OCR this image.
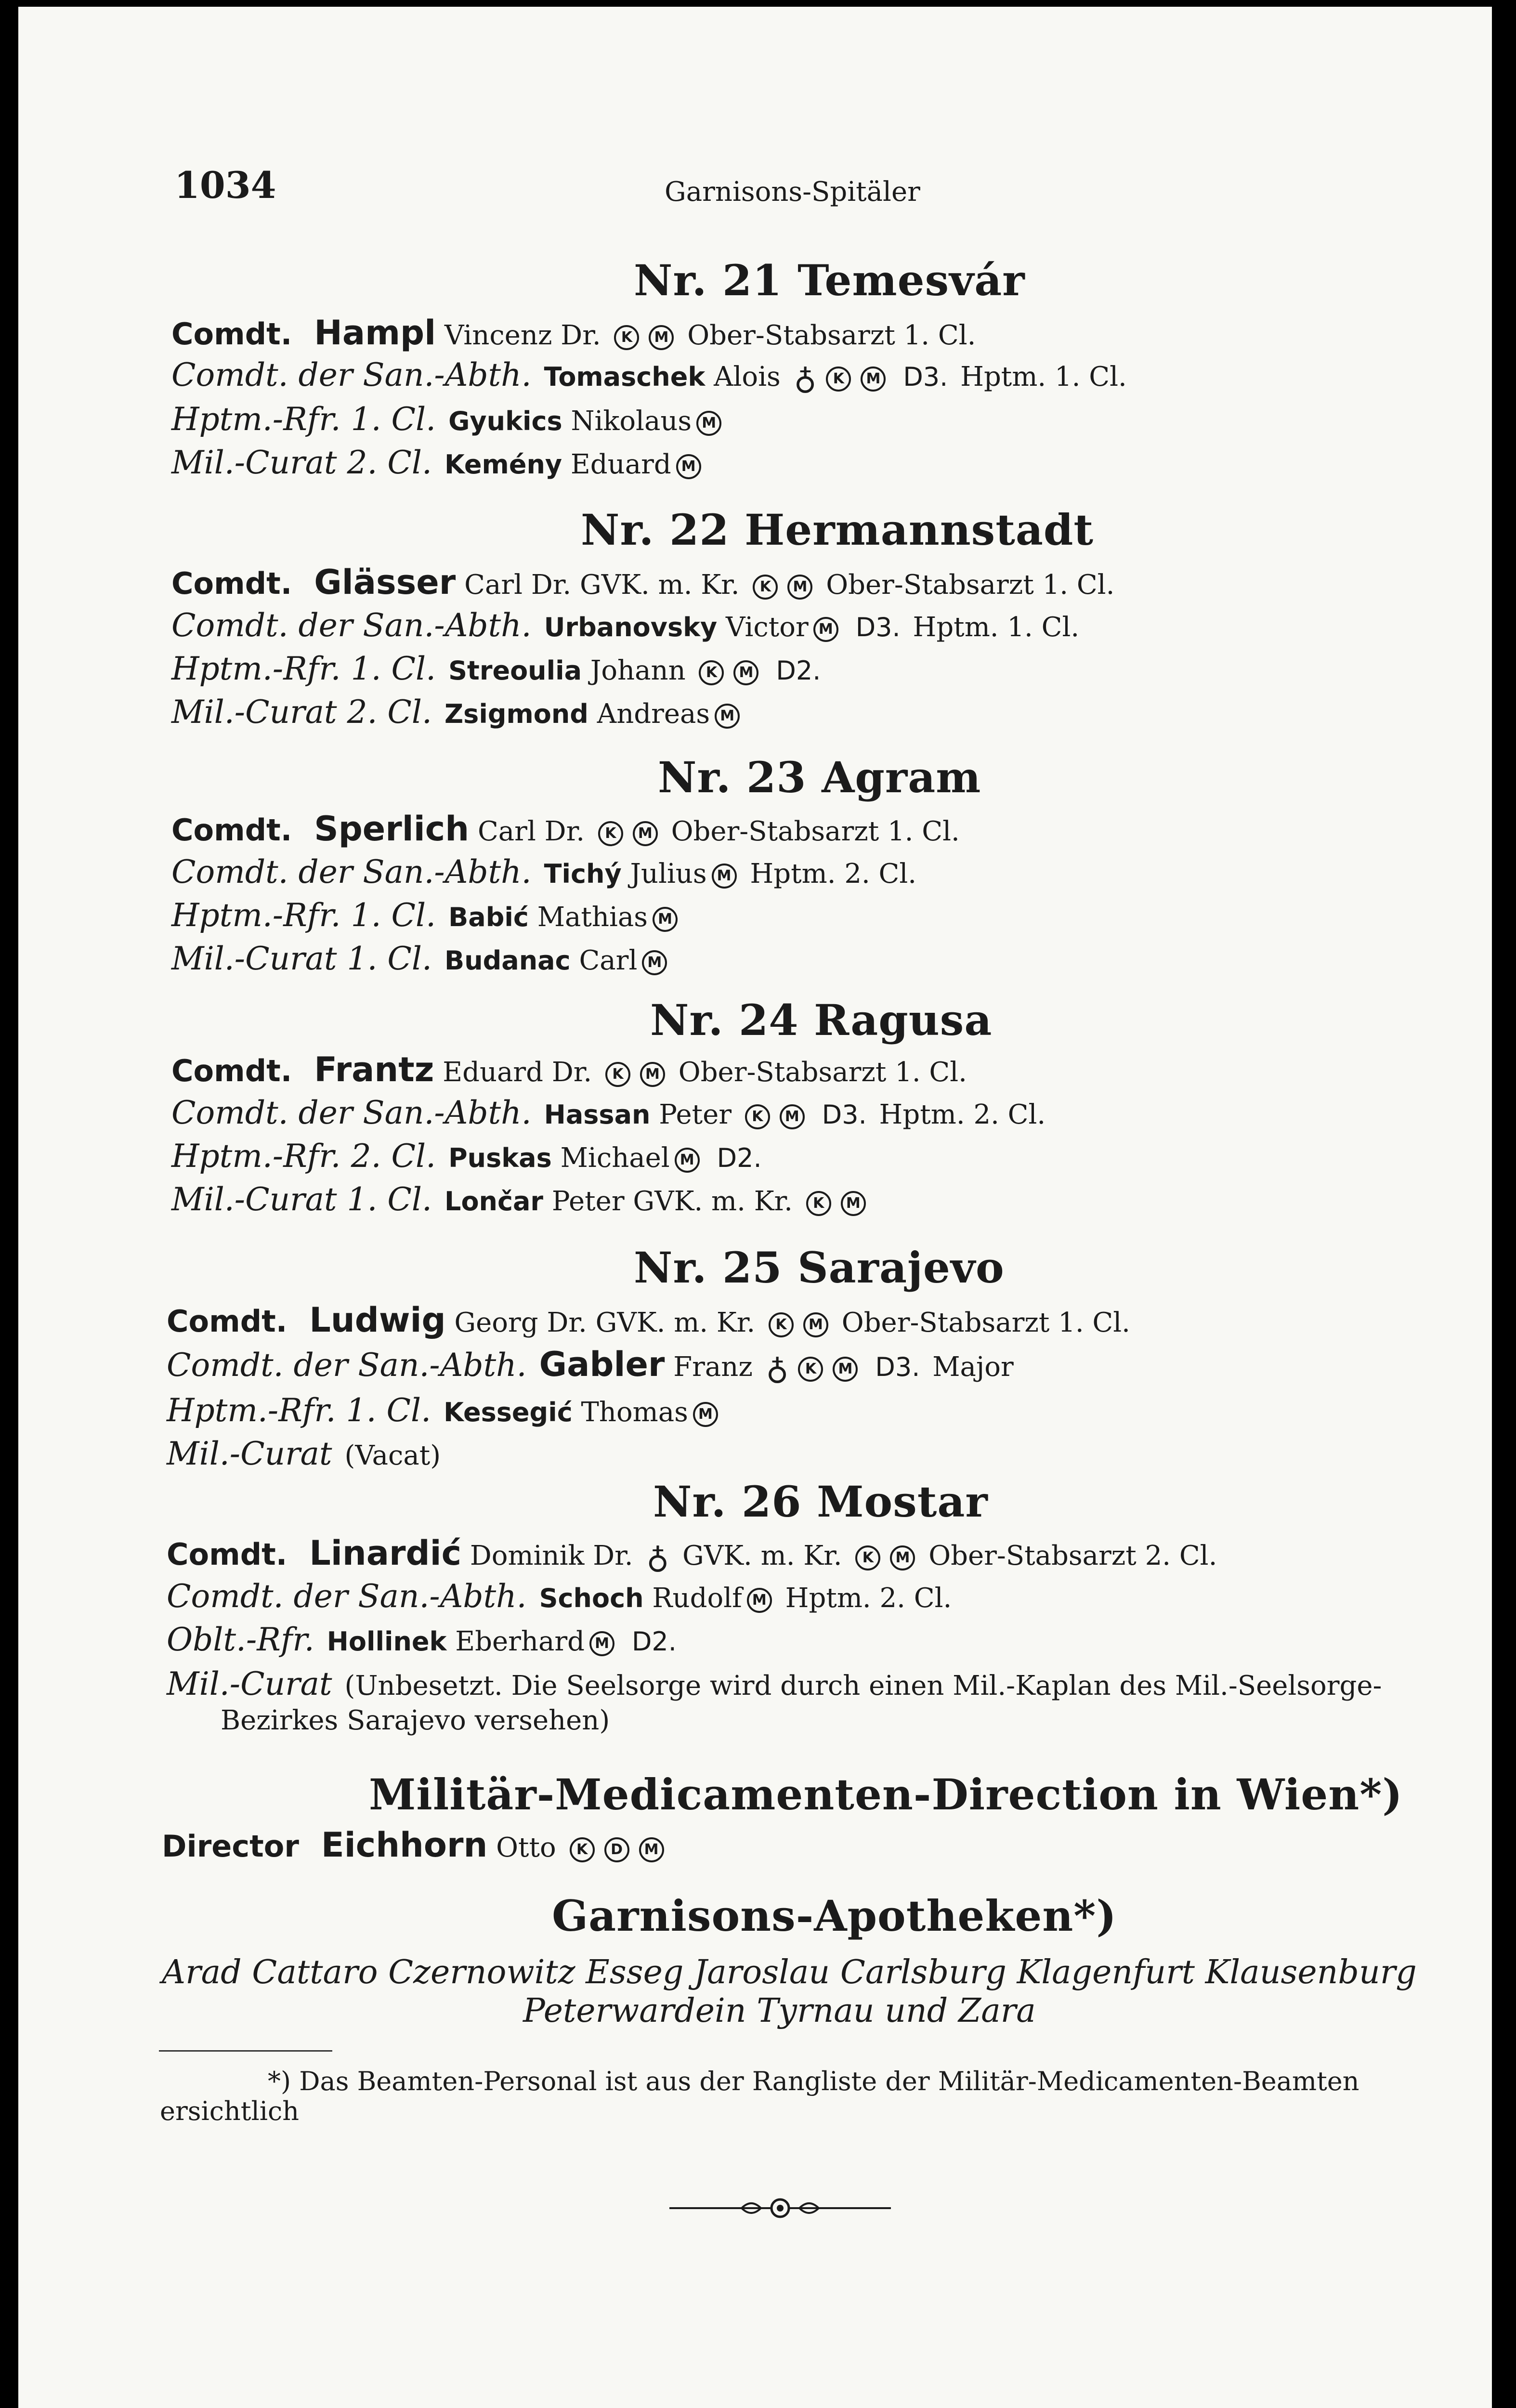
1034	Garnisons-Spitäler
Nr. 21 Temesvár
Comdt. Hampl Vincenz Dr. K M Ober-Stabsarzt 1. Cl.
Comdt. der San.-Abth. Tomaschek Alois ♁ K M D3. Hptm. 1. Cl.
Hptm.-Rfr. 1. Cl. Gyukics Nikolaus M
Mil.-Curat 2. Cl. Kemény Eduard M
Nr. 22 Hermannstadt
Comdt. Glässer Carl Dr. GVK. m. Kr. K M Ober-Stabsarzt 1. Cl.
Comdt. der San.-Abth. Urbanovsky Victor M D3. Hptm. 1. Cl.
Hptm.-Rfr. 1. Cl. Streoulia Johann K M D2.
Mil.-Curat 2. Cl. Zsigmond Andreas M
Nr. 23 Agram
Comdt. Sperlich Carl Dr. K M Ober-Stabsarzt 1. Cl.
Comdt. der San.-Abth. Tichý Julius M Hptm. 2. Cl.
Hptm.-Rfr. 1. Cl. Babić Mathias M
Mil.-Curat 1. Cl. Budanac Carl M
Nr. 24 Ragusa
Comdt. Frantz Eduard Dr. K M Ober-Stabsarzt 1. Cl.
Comdt. der San.-Abth. Hassan Peter K M D3. Hptm. 2. Cl.
Hptm.-Rfr. 2. Cl. Puskas Michael M D2.
Mil.-Curat 1. Cl. Lončar Peter GVK. m. Kr. K M
Nr. 25 Sarajevo
Comdt. Ludwig Georg Dr. GVK. m. Kr. K M Ober-Stabsarzt 1. Cl.
Comdt. der San.-Abth. Gabler Franz ♁ K M D3. Major
Hptm.-Rfr. 1. Cl. Kessegić Thomas M
Mil.-Curat (Vacat)
Nr. 26 Mostar
Comdt. Linardić Dominik Dr. ♁ GVK. m. Kr. K M Ober-Stabsarzt 2. Cl.
Comdt. der San.-Abth. Schoch Rudolf M Hptm. 2. Cl.
Oblt.-Rfr. Hollinek Eberhard M D2.
Mil.-Curat (Unbesetzt. Die Seelsorge wird durch einen Mil.-Kaplan des Mil.-Seelsorge-
Bezirkes Sarajevo versehen)
Militär-Medicamenten-Direction in Wien*)
Director Eichhorn Otto K D M
Garnisons-Apotheken*)
Arad Cattaro Czernowitz Esseg Jaroslau Carlsburg Klagenfurt Klausenburg
Peterwardein Tyrnau und Zara
*) Das Beamten-Personal ist aus der Rangliste der Militär-Medicamenten-Beamten
ersichtlich
